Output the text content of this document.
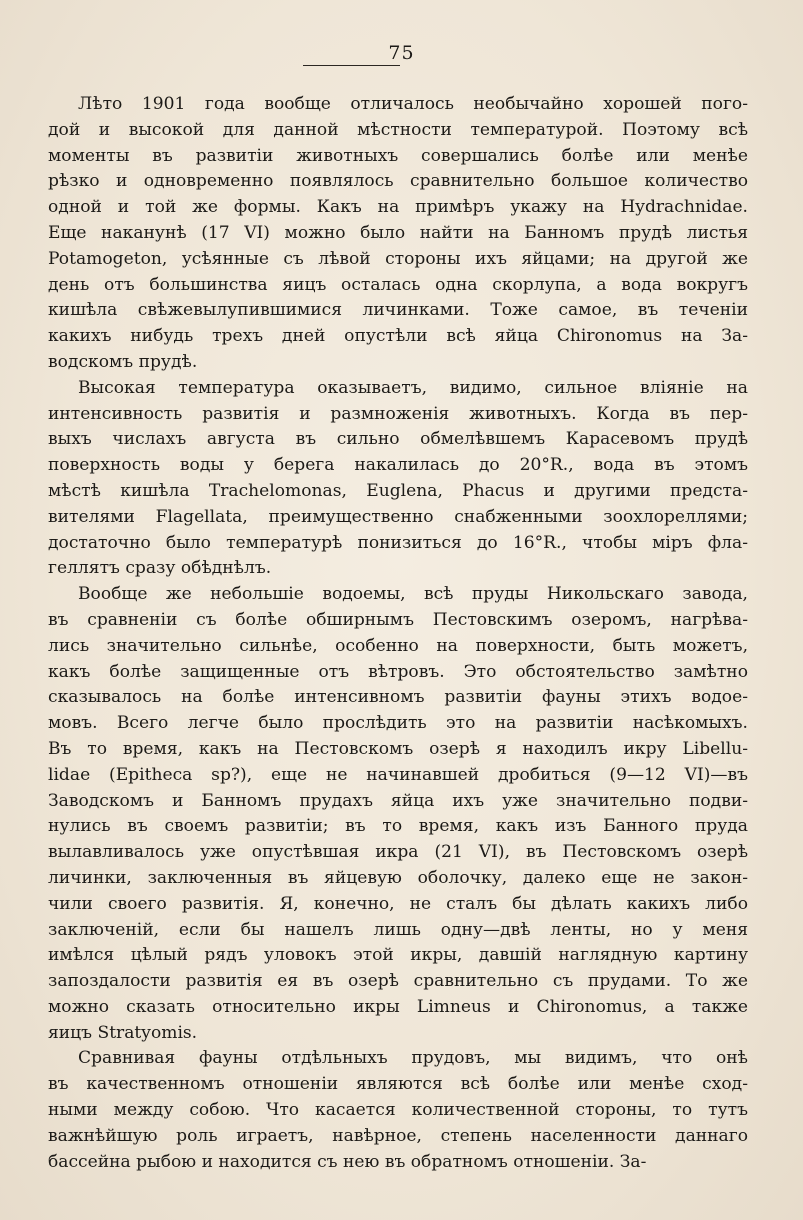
75
Лѣто 1901 года вообще отличалось необычайно хорошей пого-
дой и высокой для данной мѣстности температурой. Поэтому всѣ
моменты въ развитіи животныхъ совершались болѣе или менѣе
рѣзко и одновременно появлялось сравнительно большое количество
одной и той же формы. Какъ на примѣръ укажу на Hydrachnidae.
Еще наканунѣ (17 VI) можно было найти на Банномъ прудѣ листья
Potamogeton, усѣянные съ лѣвой стороны ихъ яйцами; на другой же
день отъ большинства яицъ осталась одна скорлупа, а вода вокругъ
кишѣла свѣжевылупившимися личинками. Тоже самое, въ теченіи
какихъ нибудь трехъ дней опустѣли всѣ яйца Chironomus на За-
водскомъ прудѣ.
Высокая температура оказываетъ, видимо, сильное вліяніе на
интенсивность развитія и размноженія животныхъ. Когда въ пер-
выхъ числахъ августа въ сильно обмелѣвшемъ Карасевомъ прудѣ
поверхность воды у берега накалилась до 20°R., вода въ этомъ
мѣстѣ кишѣла Trachelomonas, Euglena, Phacus и другими предста-
вителями Flagellata, преимущественно снабженными зоохлореллями;
достаточно было температурѣ понизиться до 16°R., чтобы міръ фла-
геллятъ сразу обѣднѣлъ.
Вообще же небольшіе водоемы, всѣ пруды Никольскаго завода,
въ сравненіи съ болѣе обширнымъ Пестовскимъ озеромъ, нагрѣва-
лись значительно сильнѣе, особенно на поверхности, быть можетъ,
какъ болѣе защищенные отъ вѣтровъ. Это обстоятельство замѣтно
сказывалось на болѣе интенсивномъ развитіи фауны этихъ водое-
мовъ. Всего легче было прослѣдить это на развитіи насѣкомыхъ.
Въ то время, какъ на Пестовскомъ озерѣ я находилъ икру Libellu-
lidae (Epitheca sp?), еще не начинавшей дробиться (9—12 VI)—въ
Заводскомъ и Банномъ прудахъ яйца ихъ уже значительно подви-
нулись въ своемъ развитіи; въ то время, какъ изъ Банного пруда
вылавливалось уже опустѣвшая икра (21 VI), въ Пестовскомъ озерѣ
личинки, заключенныя въ яйцевую оболочку, далеко еще не закон-
чили своего развитія. Я, конечно, не сталъ бы дѣлать какихъ либо
заключеній, если бы нашелъ лишь одну—двѣ ленты, но у меня
имѣлся цѣлый рядъ уловокъ этой икры, давшій наглядную картину
запоздалости развитія ея въ озерѣ сравнительно съ прудами. То же
можно сказать относительно икры Limneus и Chironomus, а также
яицъ Stratyomis.
Сравнивая фауны отдѣльныхъ прудовъ, мы видимъ, что онѣ
въ качественномъ отношеніи являются всѣ болѣе или менѣе сход-
ными между собою. Что касается количественной стороны, то тутъ
важнѣйшую роль играетъ, навѣрное, степень населенности даннаго
бассейна рыбою и находится съ нею въ обратномъ отношеніи. За-
